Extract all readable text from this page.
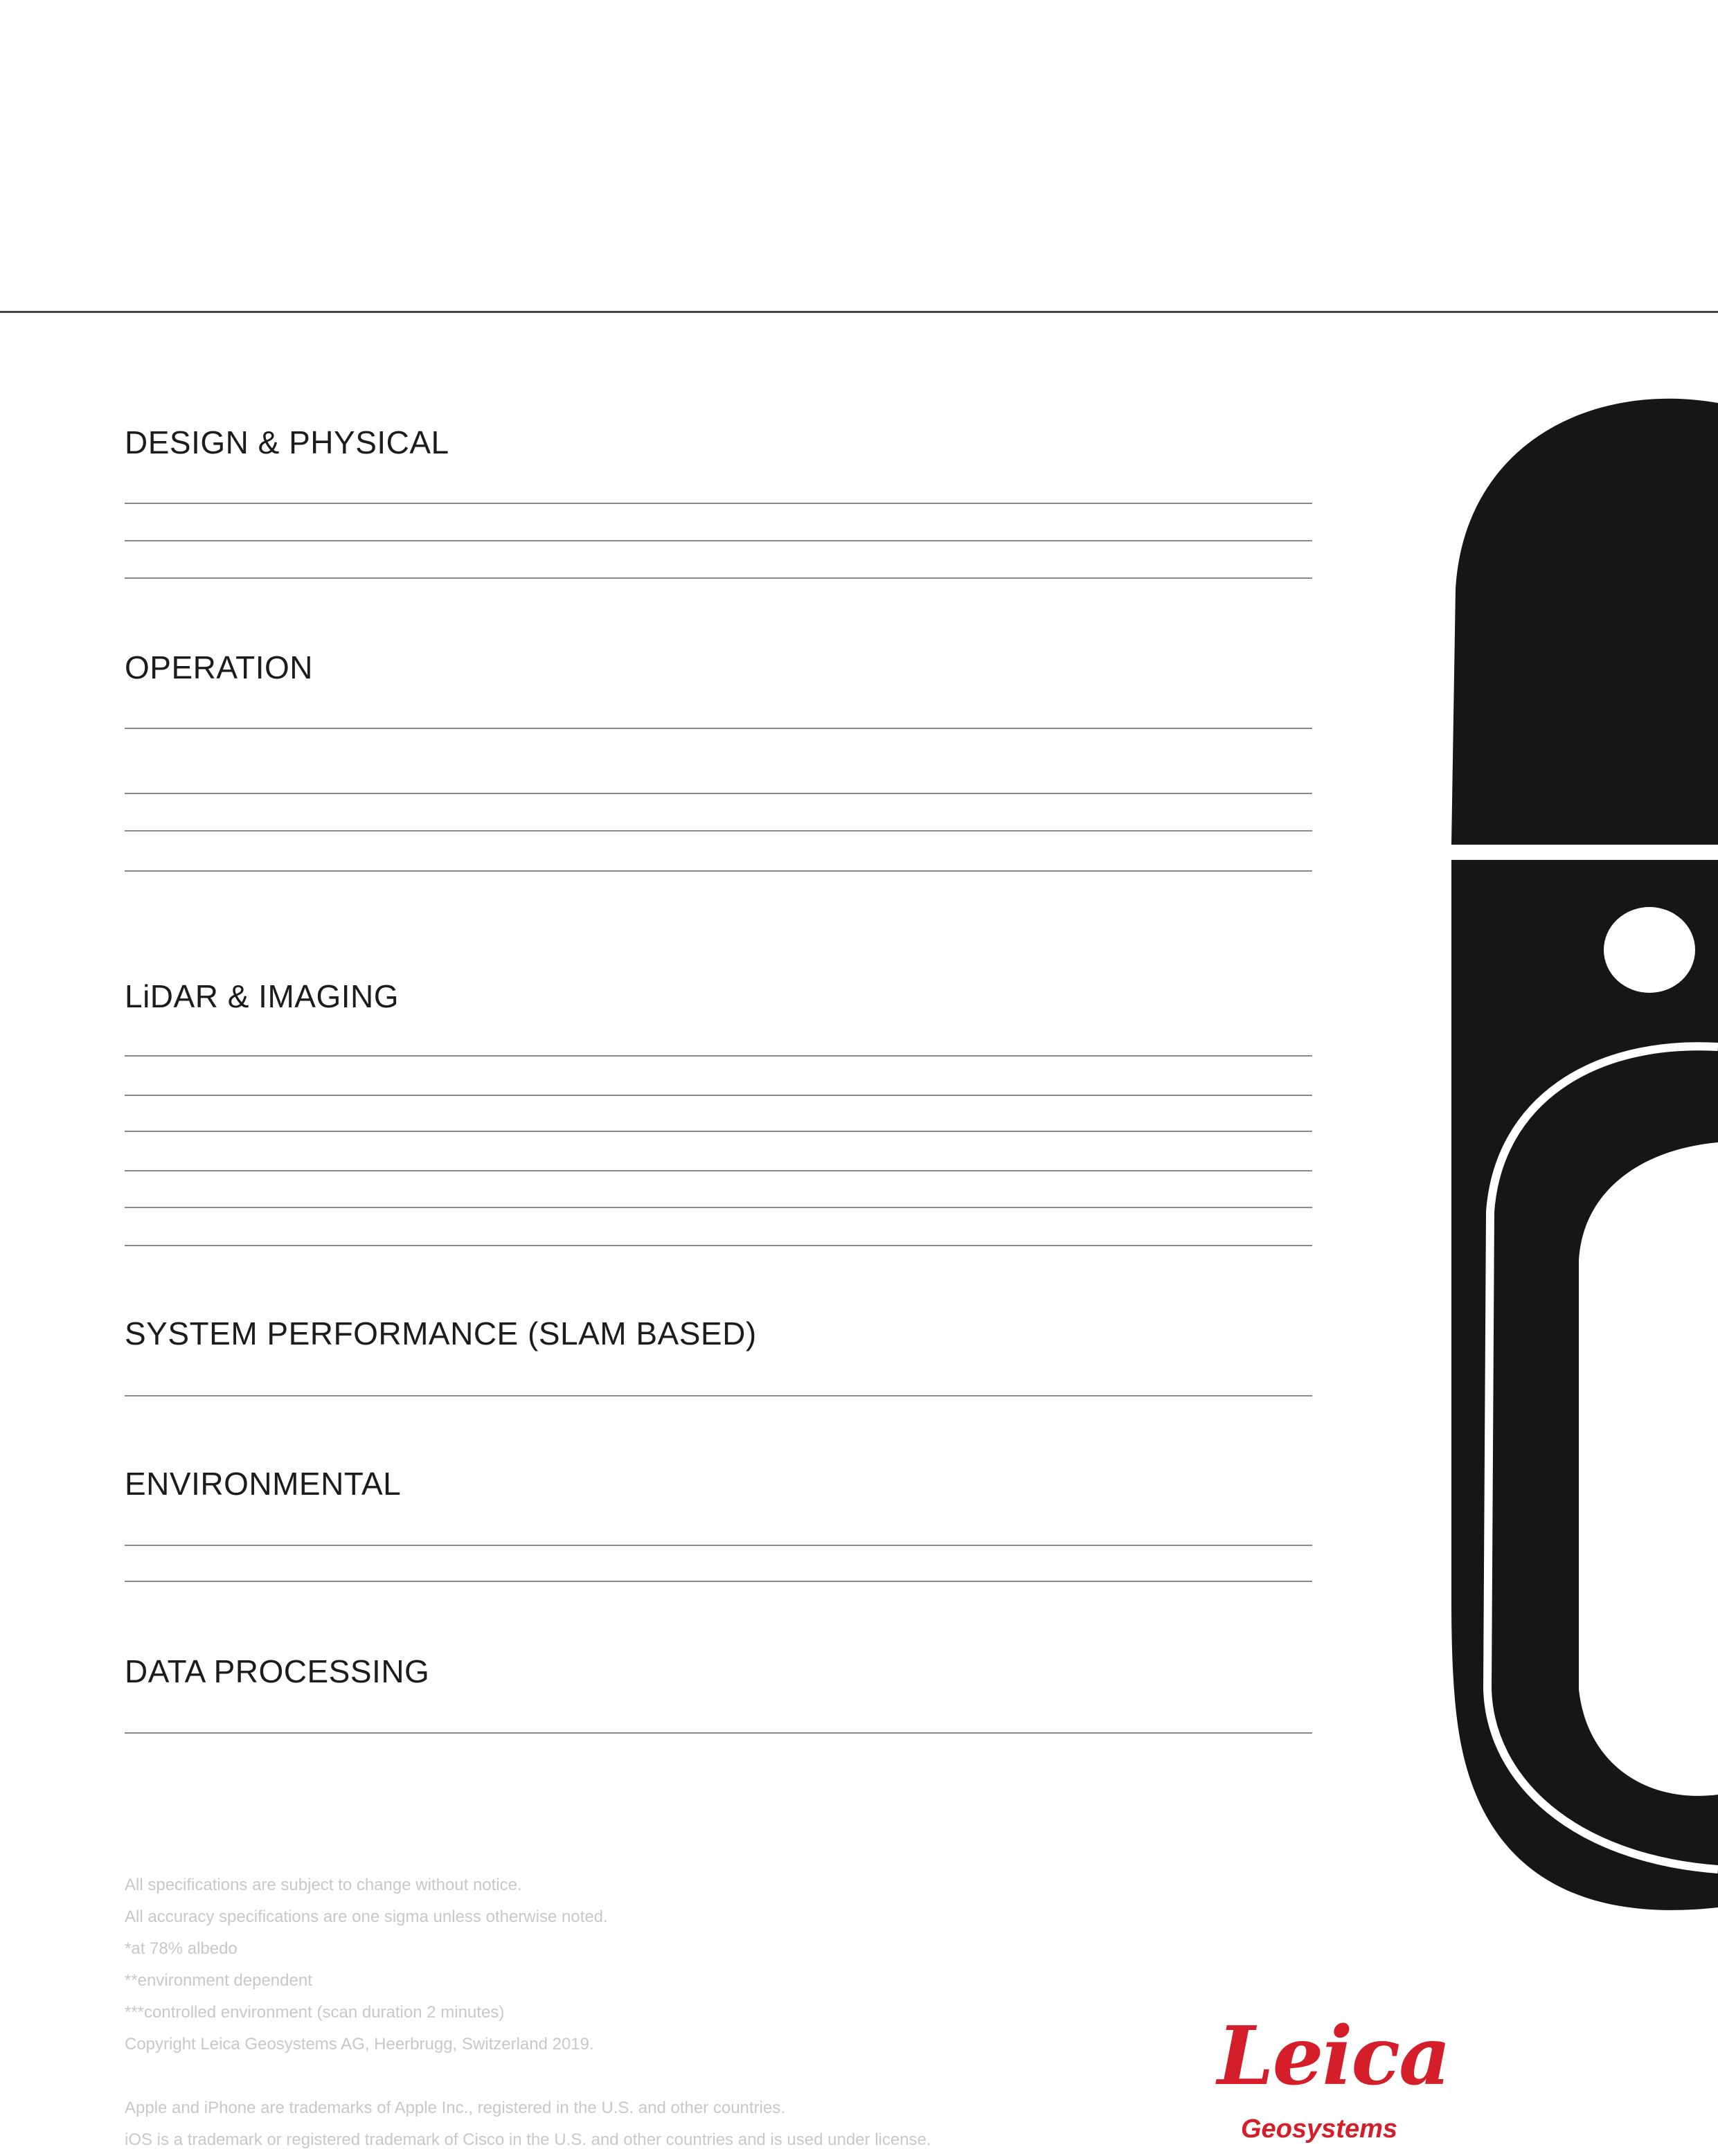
DESIGN & PHYSICAL
OPERATION
LiDAR & IMAGING
SYSTEM PERFORMANCE (SLAM BASED)
ENVIRONMENTAL
DATA PROCESSING

All specifications are subject to change without notice.

All accuracy specifications are one sigma unless otherwise noted.

*at 78% albedo

**environment dependent

***controlled environment (scan duration 2 minutes)

Copyright Leica Geosystems AG, Heerbrugg, Switzerland 2019.

Apple and iPhone are trademarks of Apple Inc., registered in the U.S. and other countries.

iOS is a trademark or registered trademark of Cisco in the U.S. and other countries and is used under license.

Leica
Geosystems
